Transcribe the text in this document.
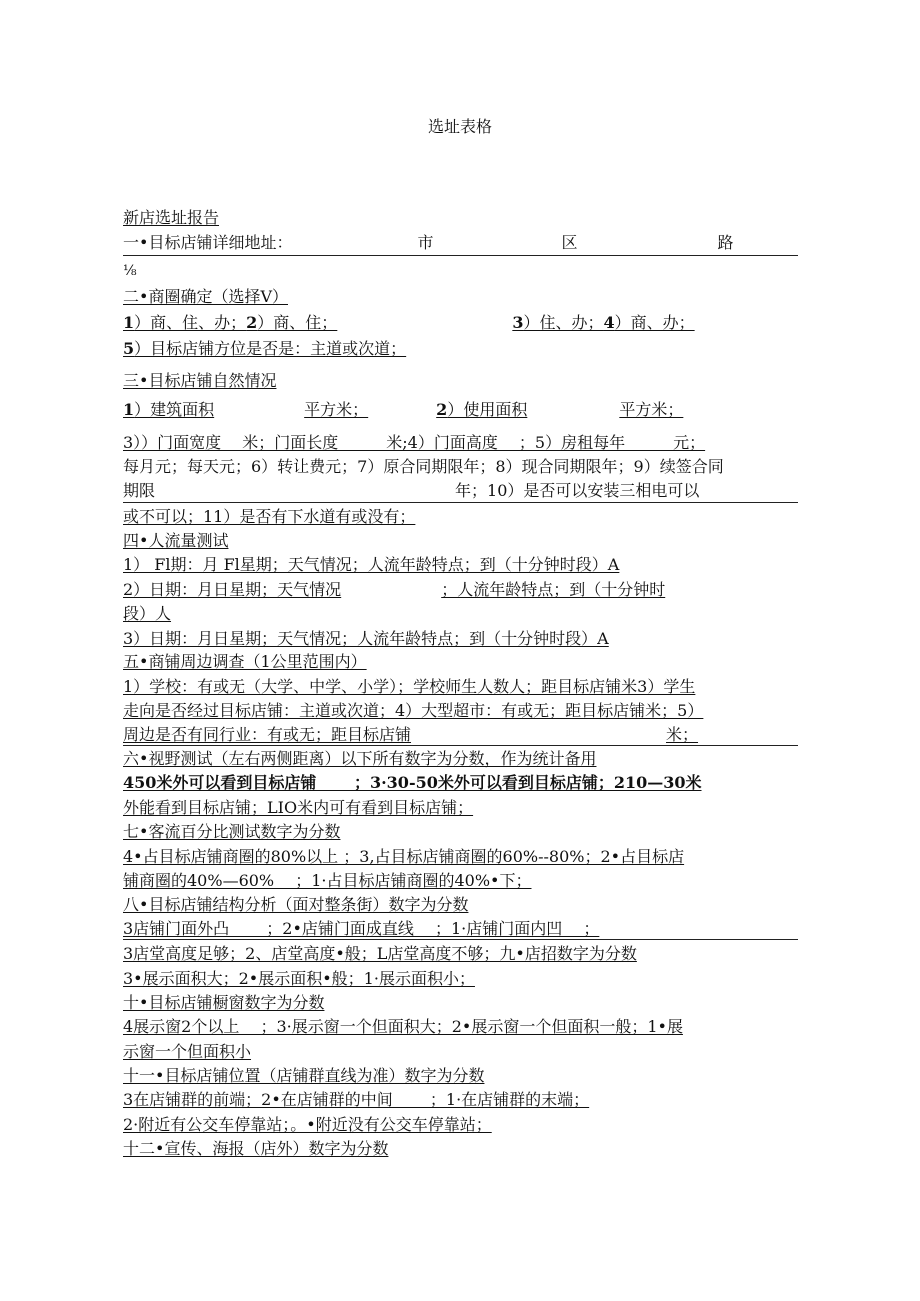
选址表格
新店选址报告
一•目标店铺详细地址：	市	区	路
⅛
二•商圈确定（选择V）
1）商、住、办；2）商、住；	3）住、办；4）商、办；
5）目标店铺方位是否是：主道或次道；
三•目标店铺自然情况
1）建筑面积	平方米；	2）使用面积	平方米；
3））门面宽度　 米；门面长度　　　米;4）门面高度 　；5）房租每年　　　元；
每月元；每天元；6）转让费元；7）原合同期限年；8）现合同期限年；9）续签合同
期限	年；10）是否可以安装三相电可以
或不可以；11）是否有下水道有或没有；
四•人流量测试
1） Fl期：月 Fl星期；天气情况；人流年龄特点；到（十分钟时段）A
2）日期：月日星期；天气情况	；人流年龄特点；到（十分钟时
段）人
3）日期：月日星期；天气情况；人流年龄特点；到（十分钟时段）A
五•商铺周边调查（1公里范围内）
1）学校：有或无（大学、中学、小学）；学校师生人数人；距目标店铺米3）学生
走向是否经过目标店铺：主道或次道；4）大型超市：有或无；距目标店铺米；5）
周边是否有同行业：有或无；距目标店铺	米；
六•视野测试（左右两侧距离）以下所有数字为分数，作为统计备用
450米外可以看到目标店铺 　　；3·30-50米外可以看到目标店铺；210—30米
外能看到目标店铺；LIO米内可有看到目标店铺；
七•客流百分比测试数字为分数
4•占目标店铺商圈的80%以上 ；3,占目标店铺商圈的60%--80%；2•占目标店
铺商圈的40%—60% 　；1·占目标店铺商圈的40%•下；
八•目标店铺结构分析（面对整条街）数字为分数
3店铺门面外凸 　　；2•店铺门面成直线 　；1·店铺门面内凹 　；
3店堂高度足够；2、店堂高度•般；L店堂高度不够；九•店招数字为分数
3•展示面积大；2•展示面积•般；1·展示面积小；
十•目标店铺橱窗数字为分数
4展示窗2个以上 　；3·展示窗一个但面积大；2•展示窗一个但面积一般；1•展
示窗一个但面积小
十一•目标店铺位置（店铺群直线为准）数字为分数
3在店铺群的前端；2•在店铺群的中间 　　；1·在店铺群的末端；
2·附近有公交车停靠站；。•附近没有公交车停靠站；
十二•宣传、海报（店外）数字为分数
